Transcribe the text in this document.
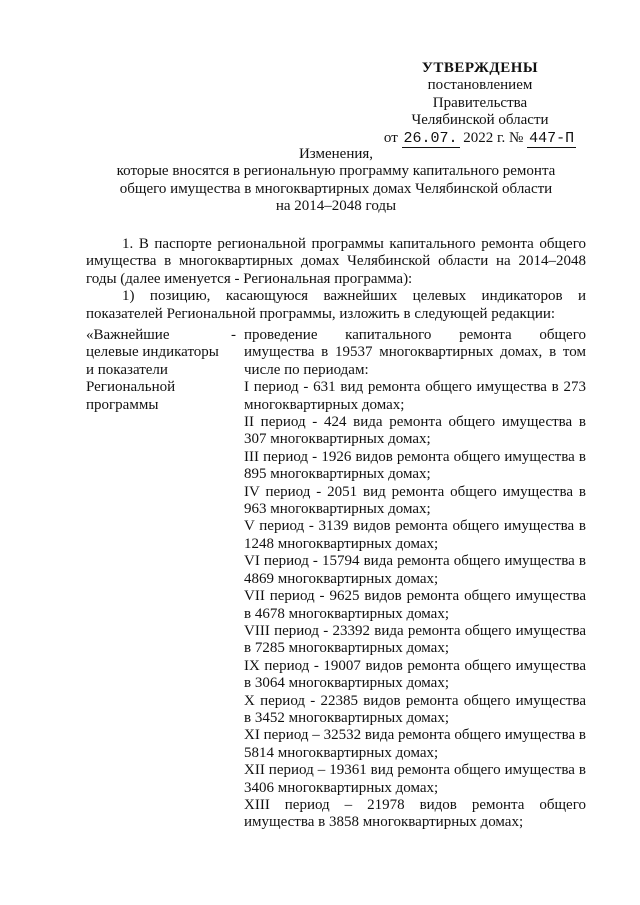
УТВЕРЖДЕНЫ
постановлением Правительства
Челябинской области
от 26.07. 2022 г. № 447-П
Изменения,
которые вносятся в региональную программу капитального ремонта
общего имущества в многоквартирных домах Челябинской области
на 2014–2048 годы

1. В паспорте региональной программы капитального ремонта общего имущества в многоквартирных домах Челябинской области на 2014–2048 годы (далее именуется - Региональная программа):

1) позицию, касающуюся важнейших целевых индикаторов и показателей Региональной программы, изложить в следующей редакции:

«Важнейшие
целевые индикаторы
и показатели
Региональной
программы
- проведение капитального ремонта общего имущества в 19537 многоквартирных домах, в том числе по периодам:

I период - 631 вид ремонта общего имущества в 273 многоквартирных домах;

II период - 424 вида ремонта общего имущества в 307 многоквартирных домах;

III период - 1926 видов ремонта общего имущества в 895 многоквартирных домах;

IV период - 2051 вид ремонта общего имущества в 963 многоквартирных домах;

V период - 3139 видов ремонта общего имущества в 1248 многоквартирных домах;

VI период - 15794 вида ремонта общего имущества в 4869 многоквартирных домах;

VII период - 9625 видов ремонта общего имущества в 4678 многоквартирных домах;

VIII период - 23392 вида ремонта общего имущества в 7285 многоквартирных домах;

IX период - 19007 видов ремонта общего имущества в 3064 многоквартирных домах;

X период - 22385 видов ремонта общего имущества в 3452 многоквартирных домах;

XI период – 32532 вида ремонта общего имущества в 5814 многоквартирных домах;

XII период – 19361 вид ремонта общего имущества в 3406 многоквартирных домах;

XIII период – 21978 видов ремонта общего имущества в 3858 многоквартирных домах;
